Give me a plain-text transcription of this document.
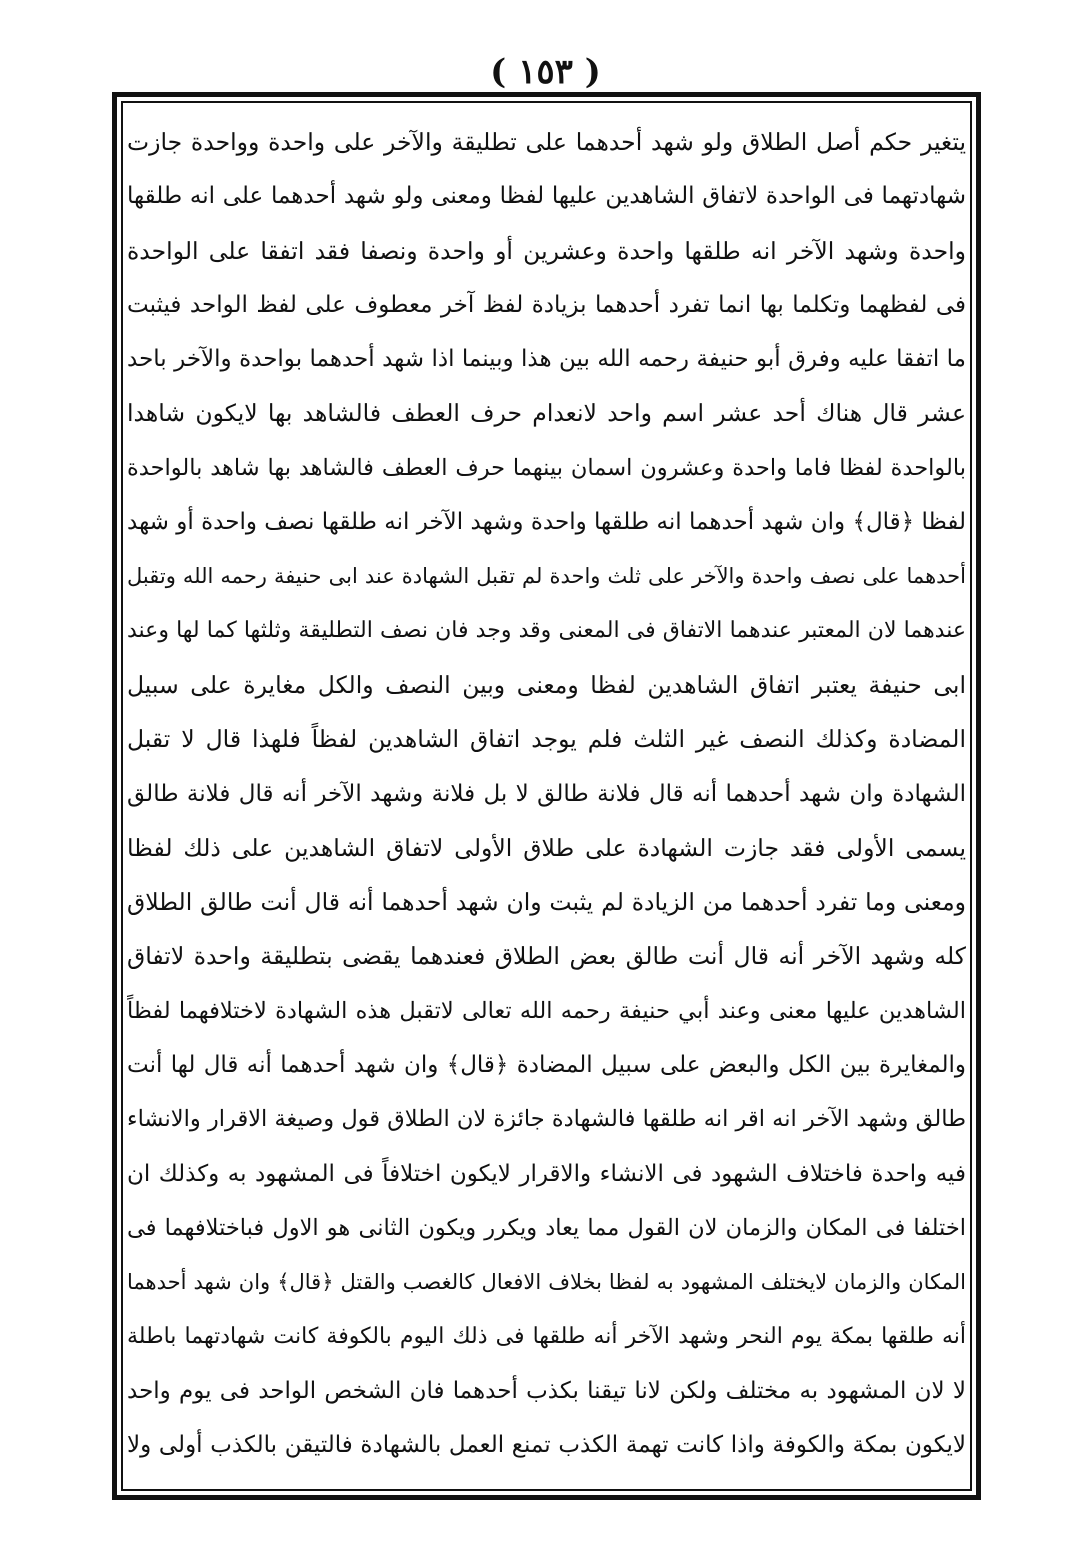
( ١٥٣ )
يتغير حكم أصل الطلاق ولو شهد أحدهما على تطليقة والآخر على واحدة وواحدة جازت
شهادتهما فى الواحدة لاتفاق الشاهدين عليها لفظا ومعنى ولو شهد أحدهما على انه طلقها
واحدة وشهد الآخر انه طلقها واحدة وعشرين أو واحدة ونصفا فقد اتفقا على الواحدة
فى لفظهما وتكلما بها انما تفرد أحدهما بزيادة لفظ آخر معطوف على لفظ الواحد فيثبت
ما اتفقا عليه وفرق أبو حنيفة رحمه الله بين هذا وبينما اذا شهد أحدهما بواحدة والآخر باحد
عشر قال هناك أحد عشر اسم واحد لانعدام حرف العطف فالشاهد بها لايكون شاهدا
بالواحدة لفظا فاما واحدة وعشرون اسمان بينهما حرف العطف فالشاهد بها شاهد بالواحدة
لفظا ﴿قال﴾ وان شهد أحدهما انه طلقها واحدة وشهد الآخر انه طلقها نصف واحدة أو شهد
أحدهما على نصف واحدة والآخر على ثلث واحدة لم تقبل الشهادة عند ابى حنيفة رحمه الله وتقبل
عندهما لان المعتبر عندهما الاتفاق فى المعنى وقد وجد فان نصف التطليقة وثلثها كما لها وعند
ابى حنيفة يعتبر اتفاق الشاهدين لفظا ومعنى وبين النصف والكل مغايرة على سبيل
المضادة وكذلك النصف غير الثلث فلم يوجد اتفاق الشاهدين لفظاً فلهذا قال لا تقبل
الشهادة وان شهد أحدهما أنه قال فلانة طالق لا بل فلانة وشهد الآخر أنه قال فلانة طالق
يسمى الأولى فقد جازت الشهادة على طلاق الأولى لاتفاق الشاهدين على ذلك لفظا
ومعنى وما تفرد أحدهما من الزيادة لم يثبت وان شهد أحدهما أنه قال أنت طالق الطلاق
كله وشهد الآخر أنه قال أنت طالق بعض الطلاق فعندهما يقضى بتطليقة واحدة لاتفاق
الشاهدين عليها معنى وعند أبي حنيفة رحمه الله تعالى لاتقبل هذه الشهادة لاختلافهما لفظاً
والمغايرة بين الكل والبعض على سبيل المضادة ﴿قال﴾ وان شهد أحدهما أنه قال لها أنت
طالق وشهد الآخر انه اقر انه طلقها فالشهادة جائزة لان الطلاق قول وصيغة الاقرار والانشاء
فيه واحدة فاختلاف الشهود فى الانشاء والاقرار لايكون اختلافاً فى المشهود به وكذلك ان
اختلفا فى المكان والزمان لان القول مما يعاد ويكرر ويكون الثانى هو الاول فباختلافهما فى
المكان والزمان لايختلف المشهود به لفظا بخلاف الافعال كالغصب والقتل ﴿قال﴾ وان شهد أحدهما
أنه طلقها بمكة يوم النحر وشهد الآخر أنه طلقها فى ذلك اليوم بالكوفة كانت شهادتهما باطلة
لا لان المشهود به مختلف ولكن لانا تيقنا بكذب أحدهما فان الشخص الواحد فى يوم واحد
لايكون بمكة والكوفة واذا كانت تهمة الكذب تمنع العمل بالشهادة فالتيقن بالكذب أولى ولا
